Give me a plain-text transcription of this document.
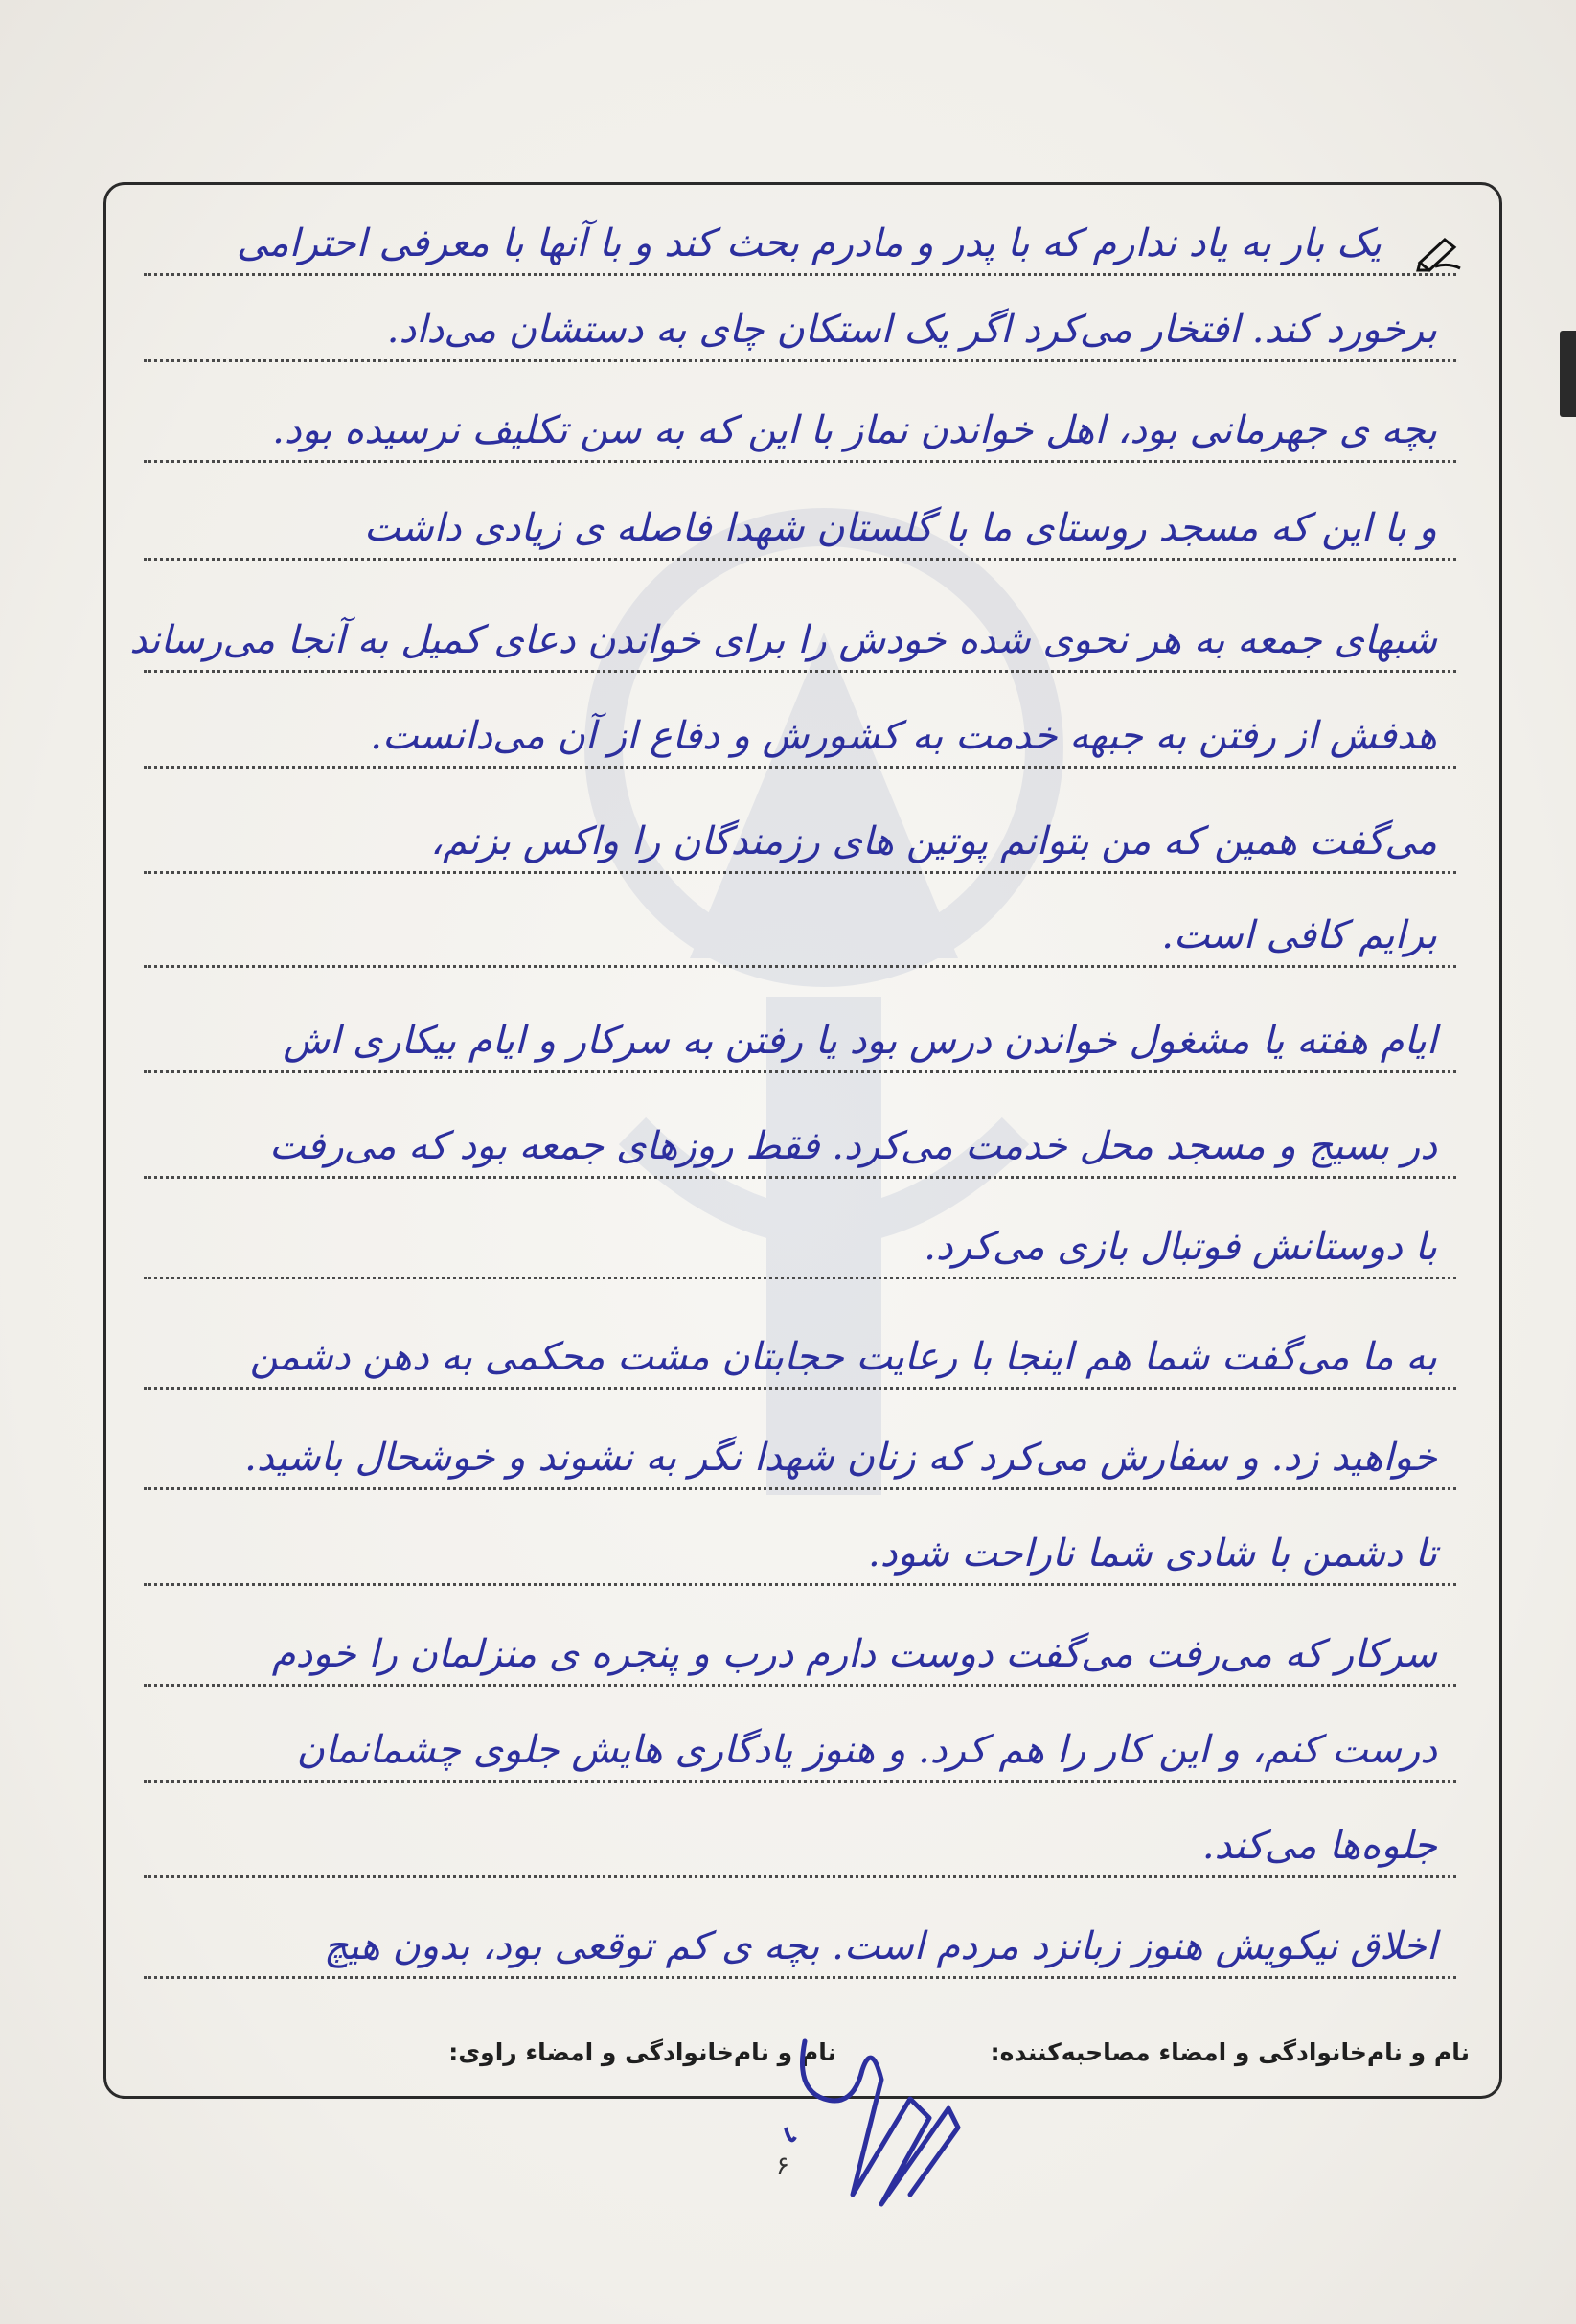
یک بار به یاد ندارم که با پدر و مادرم بحث کند و با آنها با معرفی احترامی
برخورد کند. افتخار می‌کرد اگر یک استکان چای به دستشان می‌داد.
بچه ی جهرمانی بود، اهل خواندن نماز با این که به سن تکلیف نرسیده بود.
و با این که مسجد روستای ما با گلستان شهدا فاصله ی زیادی داشت
شبهای جمعه به هر نحوی شده خودش را برای خواندن دعای کمیل به آنجا می‌رساند
هدفش از رفتن به جبهه خدمت به کشورش و دفاع از آن می‌دانست.
می‌گفت همین که من بتوانم پوتین های رزمندگان را واکس بزنم،
برایم کافی است.
ایام هفته یا مشغول خواندن درس بود یا رفتن به سرکار و ایام بیکاری اش
در بسیج و مسجد محل خدمت می‌کرد. فقط روزهای جمعه بود که می‌رفت
با دوستانش فوتبال بازی می‌کرد.
به ما می‌گفت شما هم اینجا با رعایت حجابتان مشت محکمی به دهن دشمن
خواهید زد. و سفارش می‌کرد که زنان شهدا نگر به نشوند و خوشحال باشید.
تا دشمن با شادی شما ناراحت شود.
سرکار که می‌رفت می‌گفت دوست دارم درب و پنجره ی منزلمان را خودم
درست کنم، و این کار را هم کرد. و هنوز یادگاری هایش جلوی چشمانمان
جلوه‌ها می‌کند.
اخلاق نیکویش هنوز زبانزد مردم است. بچه ی کم توقعی بود، بدون هیچ
نام و نام‌خانوادگی و امضاء مصاحبه‌کننده:
نام و نام‌خانوادگی و امضاء راوی:
۶
